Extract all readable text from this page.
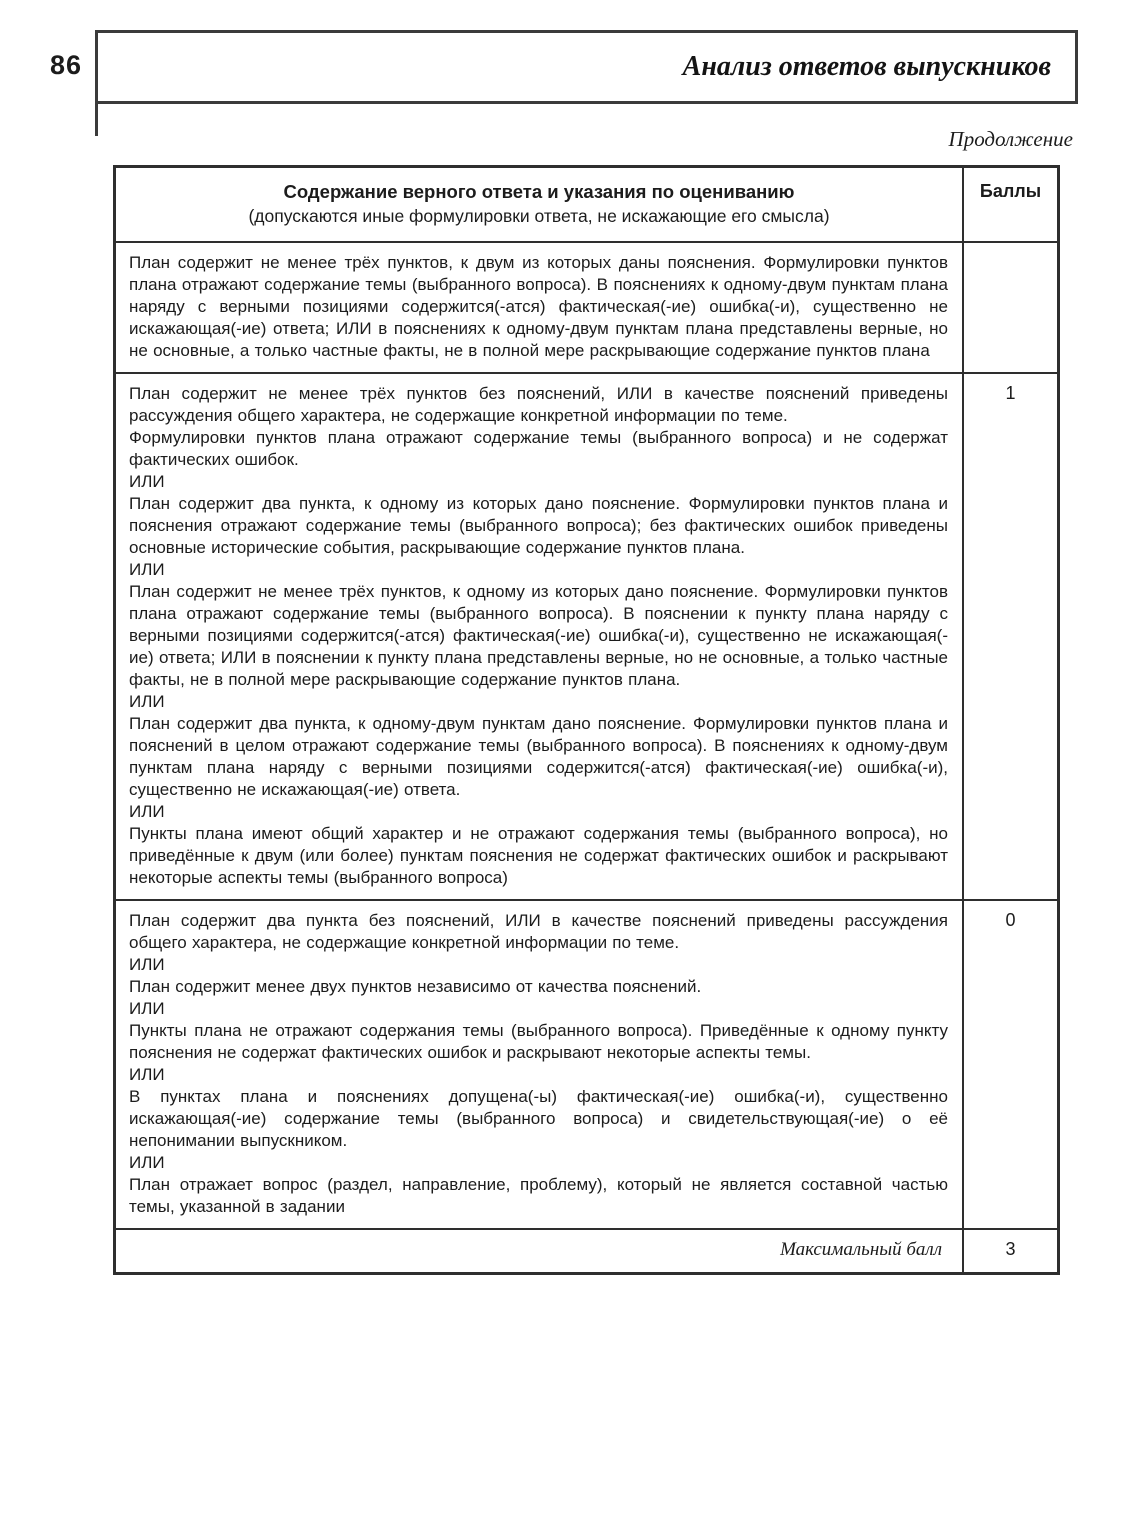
86	Анализ ответов выпускников
Продолжение
Содержание верного ответа и указания по оцениванию
(допускаются иные формулировки ответа, не искажающие его смысла)
Баллы

План содержит не менее трёх пунктов, к двум из которых даны пояснения. Формулировки пунктов плана отражают содержание темы (выбранного вопроса). В пояснениях к одному-двум пунктам плана наряду с верными позициями содержится(-атся) фактическая(-ие) ошибка(-и), существенно не искажающая(-ие) ответа; ИЛИ в пояснениях к одному-двум пунктам плана представлены верные, но не основные, а только частные факты, не в полной мере раскрывающие содержание пунктов плана

План содержит не менее трёх пунктов без пояснений, ИЛИ в качестве пояснений приведены рассуждения общего характера, не содержащие конкретной информации по теме.

Формулировки пунктов плана отражают содержание темы (выбранного вопроса) и не содержат фактических ошибок.

ИЛИ

План содержит два пункта, к одному из которых дано пояснение. Формулировки пунктов плана и пояснения отражают содержание темы (выбранного вопроса); без фактических ошибок приведены основные исторические события, раскрывающие содержание пунктов плана.

ИЛИ

План содержит не менее трёх пунктов, к одному из которых дано пояснение. Формулировки пунктов плана отражают содержание темы (выбранного вопроса). В пояснении к пункту плана наряду с верными позициями содержится(-атся) фактическая(-ие) ошибка(-и), существенно не искажающая(-ие) ответа; ИЛИ в пояснении к пункту плана представлены верные, но не основные, а только частные факты, не в полной мере раскрывающие содержание пунктов плана.

ИЛИ

План содержит два пункта, к одному-двум пунктам дано пояснение. Формулировки пунктов плана и пояснений в целом отражают содержание темы (выбранного вопроса). В пояснениях к одному-двум пунктам плана наряду с верными позициями содержится(-атся) фактическая(-ие) ошибка(-и), существенно не искажающая(-ие) ответа.

ИЛИ

Пункты плана имеют общий характер и не отражают содержания темы (выбранного вопроса), но приведённые к двум (или более) пунктам пояснения не содержат фактических ошибок и раскрывают некоторые аспекты темы (выбранного вопроса)

1

План содержит два пункта без пояснений, ИЛИ в качестве пояснений приведены рассуждения общего характера, не содержащие конкретной информации по теме.

ИЛИ

План содержит менее двух пунктов независимо от качества пояснений.

ИЛИ

Пункты плана не отражают содержания темы (выбранного вопроса). Приведённые к одному пункту пояснения не содержат фактических ошибок и раскрывают некоторые аспекты темы.

ИЛИ

В пунктах плана и пояснениях допущена(-ы) фактическая(-ие) ошибка(-и), существенно искажающая(-ие) содержание темы (выбранного вопроса) и свидетельствующая(-ие) о её непонимании выпускником.

ИЛИ

План отражает вопрос (раздел, направление, проблему), который не является составной частью темы, указанной в задании

0
Максимальный балл	3
